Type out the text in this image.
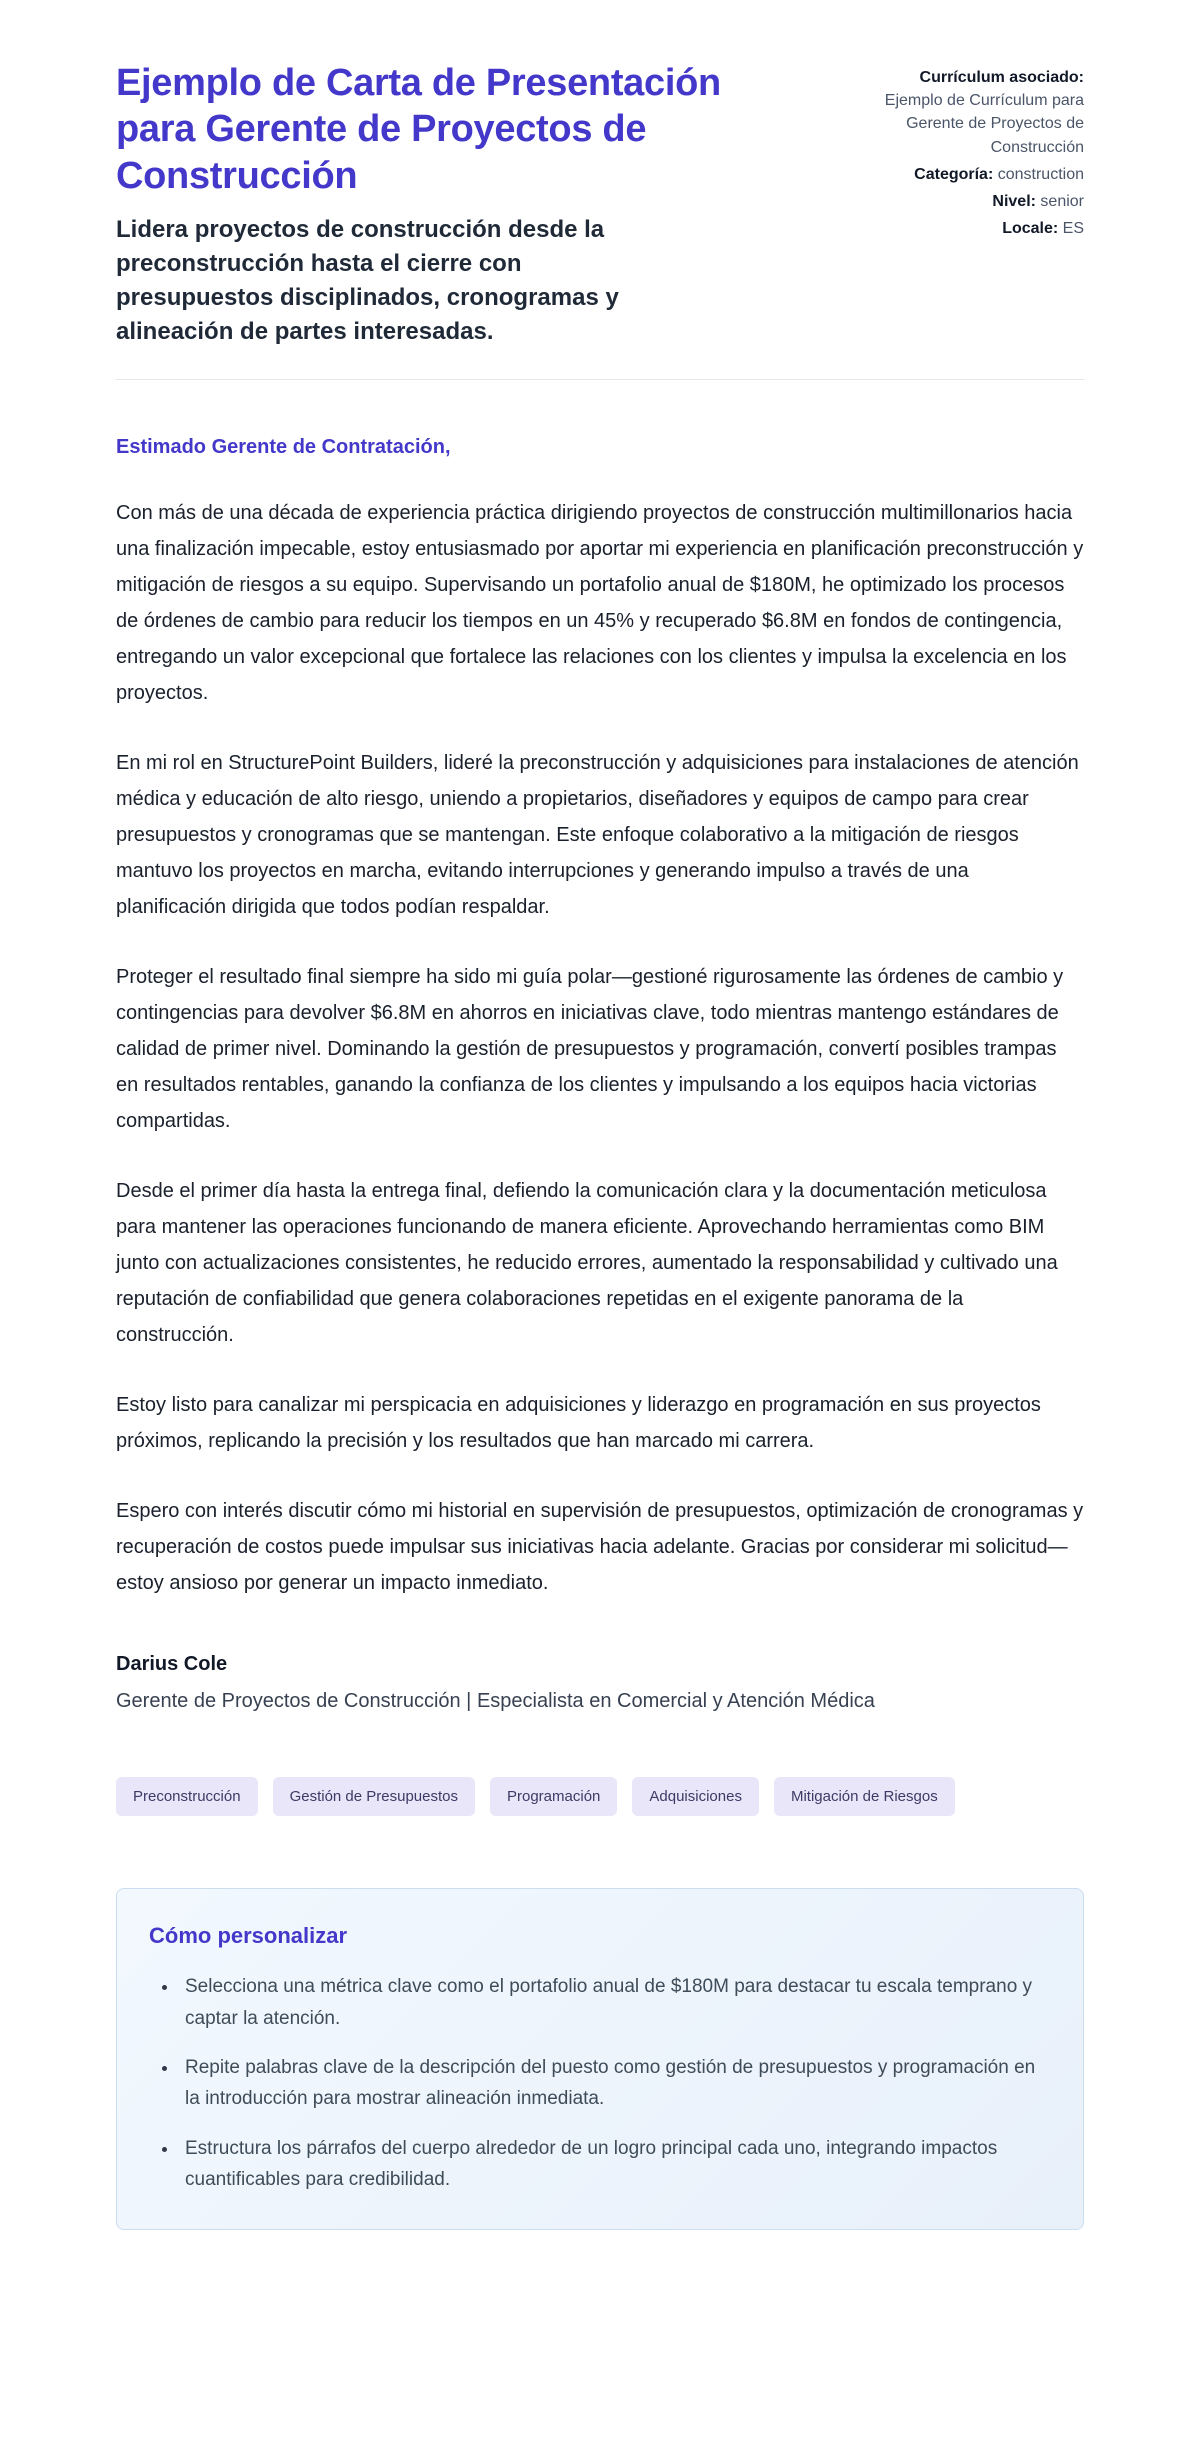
Ejemplo de Carta de Presentación para Gerente de Proyectos de Construcción

Lidera proyectos de construcción desde la preconstrucción hasta el cierre con presupuestos disciplinados, cronogramas y alineación de partes interesadas.

Currículum asociado:
Ejemplo de Currículum para Gerente de Proyectos de Construcción
Categoría: construction
Nivel: senior
Locale: ES

Estimado Gerente de Contratación,

Con más de una década de experiencia práctica dirigiendo proyectos de construcción multimillonarios hacia una finalización impecable, estoy entusiasmado por aportar mi experiencia en planificación preconstrucción y mitigación de riesgos a su equipo. Supervisando un portafolio anual de $180M, he optimizado los procesos de órdenes de cambio para reducir los tiempos en un 45% y recuperado $6.8M en fondos de contingencia, entregando un valor excepcional que fortalece las relaciones con los clientes y impulsa la excelencia en los proyectos.

En mi rol en StructurePoint Builders, lideré la preconstrucción y adquisiciones para instalaciones de atención médica y educación de alto riesgo, uniendo a propietarios, diseñadores y equipos de campo para crear presupuestos y cronogramas que se mantengan. Este enfoque colaborativo a la mitigación de riesgos mantuvo los proyectos en marcha, evitando interrupciones y generando impulso a través de una planificación dirigida que todos podían respaldar.

Proteger el resultado final siempre ha sido mi guía polar—gestioné rigurosamente las órdenes de cambio y contingencias para devolver $6.8M en ahorros en iniciativas clave, todo mientras mantengo estándares de calidad de primer nivel. Dominando la gestión de presupuestos y programación, convertí posibles trampas en resultados rentables, ganando la confianza de los clientes y impulsando a los equipos hacia victorias compartidas.

Desde el primer día hasta la entrega final, defiendo la comunicación clara y la documentación meticulosa para mantener las operaciones funcionando de manera eficiente. Aprovechando herramientas como BIM junto con actualizaciones consistentes, he reducido errores, aumentado la responsabilidad y cultivado una reputación de confiabilidad que genera colaboraciones repetidas en el exigente panorama de la construcción.

Estoy listo para canalizar mi perspicacia en adquisiciones y liderazgo en programación en sus proyectos próximos, replicando la precisión y los resultados que han marcado mi carrera.

Espero con interés discutir cómo mi historial en supervisión de presupuestos, optimización de cronogramas y recuperación de costos puede impulsar sus iniciativas hacia adelante. Gracias por considerar mi solicitud—estoy ansioso por generar un impacto inmediato.

Darius Cole

Gerente de Proyectos de Construcción | Especialista en Comercial y Atención Médica

Preconstrucción	Gestión de Presupuestos	Programación	Adquisiciones	Mitigación de Riesgos
Cómo personalizar
• Selecciona una métrica clave como el portafolio anual de $180M para destacar tu escala temprano y captar la atención.
• Repite palabras clave de la descripción del puesto como gestión de presupuestos y programación en la introducción para mostrar alineación inmediata.
• Estructura los párrafos del cuerpo alrededor de un logro principal cada uno, integrando impactos cuantificables para credibilidad.
